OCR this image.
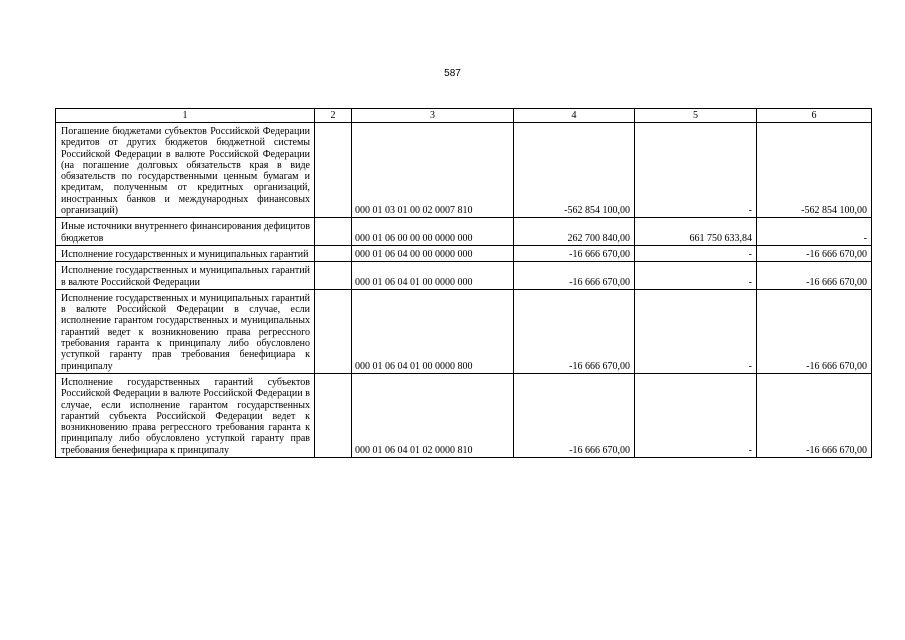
587
1	2	3	4	5	6
Погашение бюджетами субъектов Российской Федерации кредитов от других бюджетов бюджетной системы Российской Федерации в валюте Российской Федерации (на погашение долговых обязательств края в виде обязательств по государственными ценным бумагам и кредитам, полученным от кредитных организаций, иностранных банков и международных финансовых организаций)		000 01 03 01 00 02 0007 810	-562 854 100,00	-	-562 854 100,00
Иные источники внутреннего финансирования дефицитов бюджетов		000 01 06 00 00 00 0000 000	262 700 840,00	661 750 633,84	-
Исполнение государственных и муниципальных гарантий		000 01 06 04 00 00 0000 000	-16 666 670,00	-	-16 666 670,00
Исполнение государственных и муниципальных гарантий в валюте Российской Федерации		000 01 06 04 01 00 0000 000	-16 666 670,00	-	-16 666 670,00
Исполнение государственных и муниципальных гарантий в валюте Российской Федерации в случае, если исполнение гарантом государственных и муниципальных гарантий ведет к возникновению права регрессного требования гаранта к принципалу либо обусловлено уступкой гаранту прав требования бенефициара к принципалу		000 01 06 04 01 00 0000 800	-16 666 670,00	-	-16 666 670,00
Исполнение государственных гарантий субъектов Российской Федерации в валюте Российской Федерации в случае, если исполнение гарантом государственных гарантий субъекта Российской Федерации ведет к возникновению права регрессного требования гаранта к принципалу либо обусловлено уступкой гаранту прав требования бенефициара к принципалу		000 01 06 04 01 02 0000 810	-16 666 670,00	-	-16 666 670,00
